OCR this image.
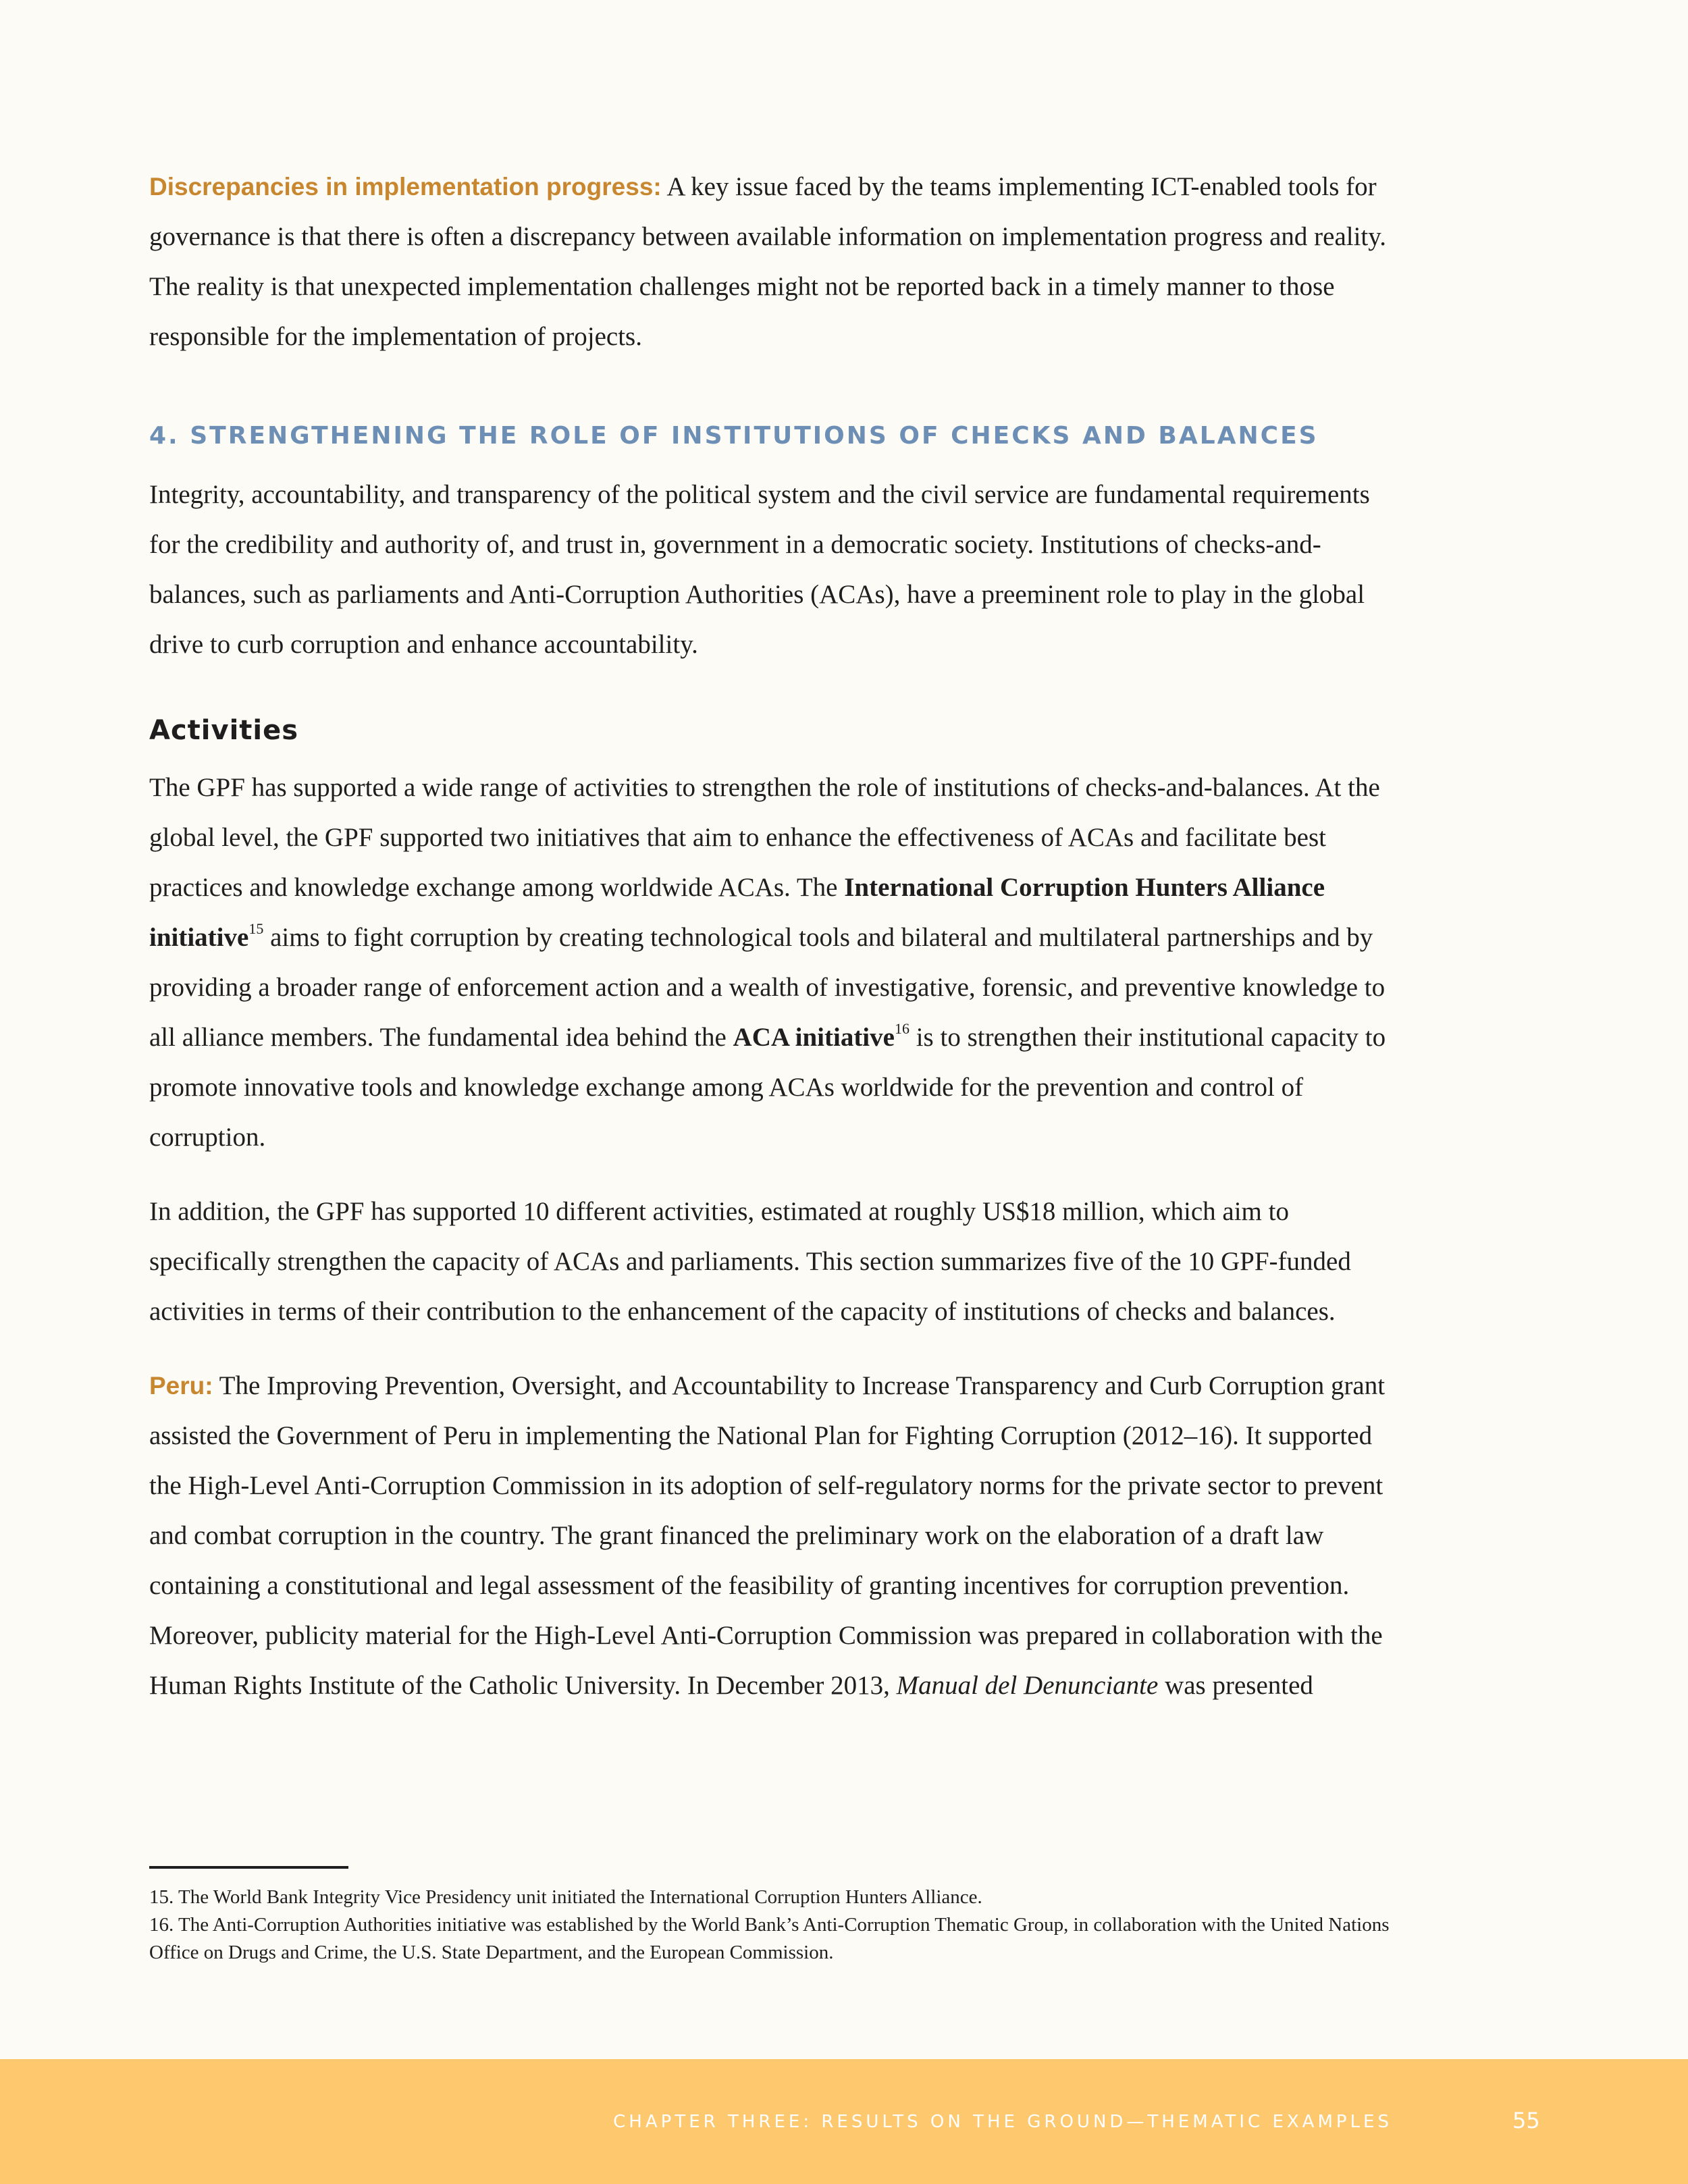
Discrepancies in implementation progress: A key issue faced by the teams implementing ICT-enabled tools for governance is that there is often a discrepancy between available information on implementation progress and reality. The reality is that unexpected implementation challenges might not be reported back in a timely manner to those responsible for the implementation of projects.

4. STRENGTHENING THE ROLE OF INSTITUTIONS OF CHECKS AND BALANCES

Integrity, accountability, and transparency of the political system and the civil service are fundamental requirements for the credibility and authority of, and trust in, government in a democratic society. Institutions of checks-and-balances, such as parliaments and Anti-Corruption Authorities (ACAs), have a preeminent role to play in the global drive to curb corruption and enhance accountability.

Activities

The GPF has supported a wide range of activities to strengthen the role of institutions of checks-and-balances. At the global level, the GPF supported two initiatives that aim to enhance the effectiveness of ACAs and facilitate best practices and knowledge exchange among worldwide ACAs. The International Corruption Hunters Alliance initiative$^{15}$ aims to fight corruption by creating technological tools and bilateral and multilateral partnerships and by providing a broader range of enforcement action and a wealth of investigative, forensic, and preventive knowledge to all alliance members. The fundamental idea behind the ACA initiative$^{16}$ is to strengthen their institutional capacity to promote innovative tools and knowledge exchange among ACAs worldwide for the prevention and control of corruption.

In addition, the GPF has supported 10 different activities, estimated at roughly US$18 million, which aim to specifically strengthen the capacity of ACAs and parliaments. This section summarizes five of the 10 GPF-funded activities in terms of their contribution to the enhancement of the capacity of institutions of checks and balances.

Peru: The Improving Prevention, Oversight, and Accountability to Increase Transparency and Curb Corruption grant assisted the Government of Peru in implementing the National Plan for Fighting Corruption (2012–16). It supported the High-Level Anti-Corruption Commission in its adoption of self-regulatory norms for the private sector to prevent and combat corruption in the country. The grant financed the preliminary work on the elaboration of a draft law containing a constitutional and legal assessment of the feasibility of granting incentives for corruption prevention. Moreover, publicity material for the High-Level Anti-Corruption Commission was prepared in collaboration with the Human Rights Institute of the Catholic University. In December 2013, Manual del Denunciante was presented

15. The World Bank Integrity Vice Presidency unit initiated the International Corruption Hunters Alliance.

16. The Anti-Corruption Authorities initiative was established by the World Bank’s Anti-Corruption Thematic Group, in collaboration with the United Nations Office on Drugs and Crime, the U.S. State Department, and the European Commission.

CHAPTER THREE: RESULTS ON THE GROUND—THEMATIC EXAMPLES	55
